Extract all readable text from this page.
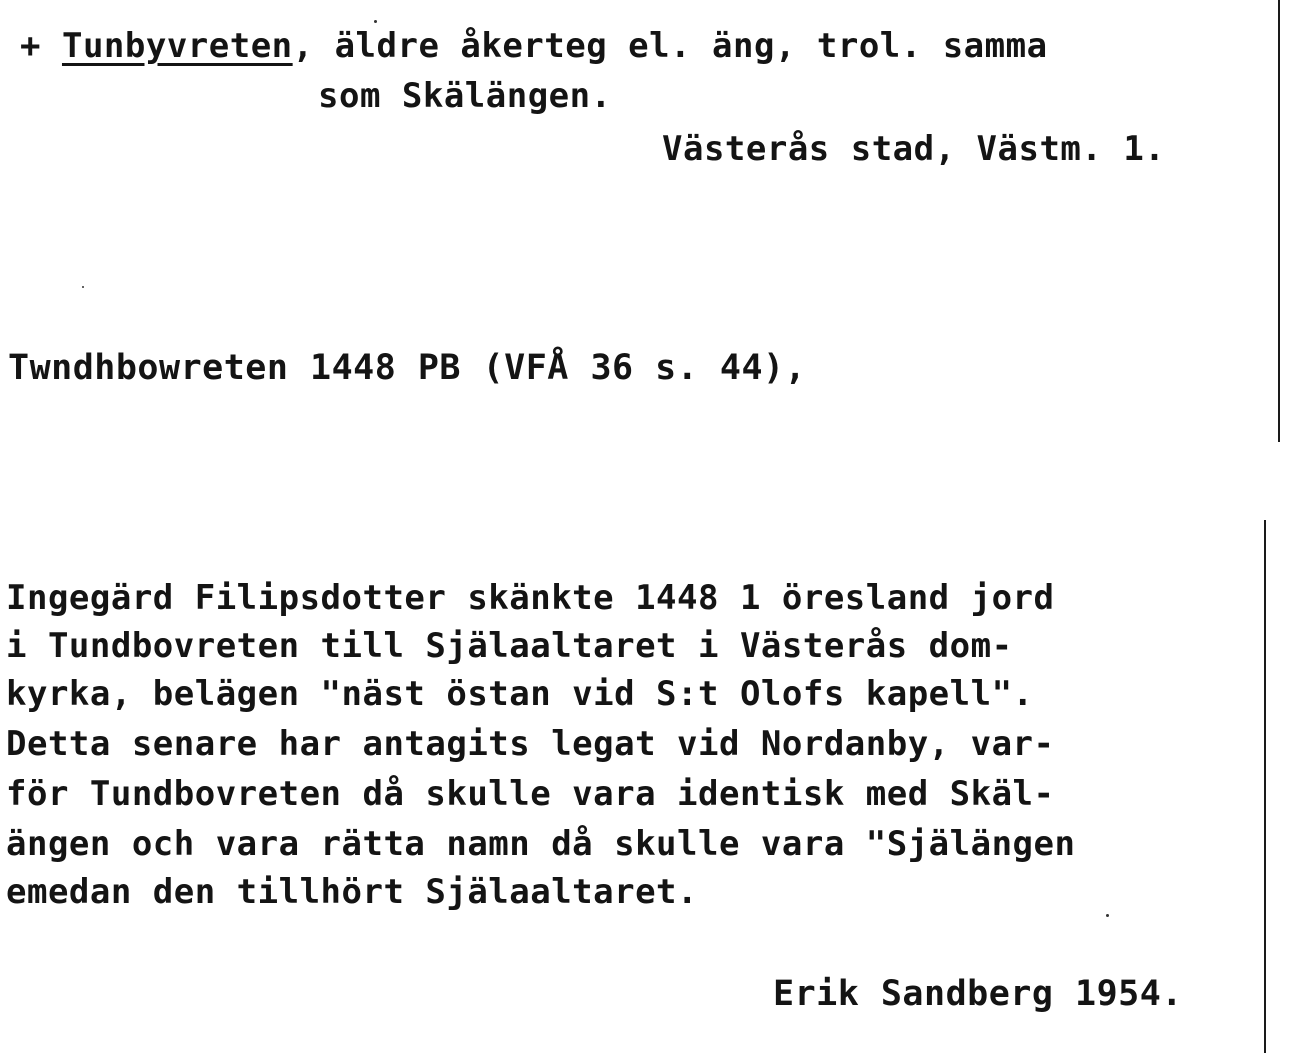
+ Tunbyvreten, äldre åkerteg el. äng, trol. samma

som Skälängen.

Västerås stad, Västm. 1.

Twndhbowreten 1448 PB (VFÅ 36 s. 44),

Ingegärd Filipsdotter skänkte 1448 1 öresland jord

i Tundbovreten till Själaaltaret i Västerås dom-

kyrka, belägen "näst östan vid S:t Olofs kapell".

Detta senare har antagits legat vid Nordanby, var-

för Tundbovreten då skulle vara identisk med Skäl-

ängen och vara rätta namn då skulle vara "Själängen

emedan den tillhört Själaaltaret.

Erik Sandberg 1954.
